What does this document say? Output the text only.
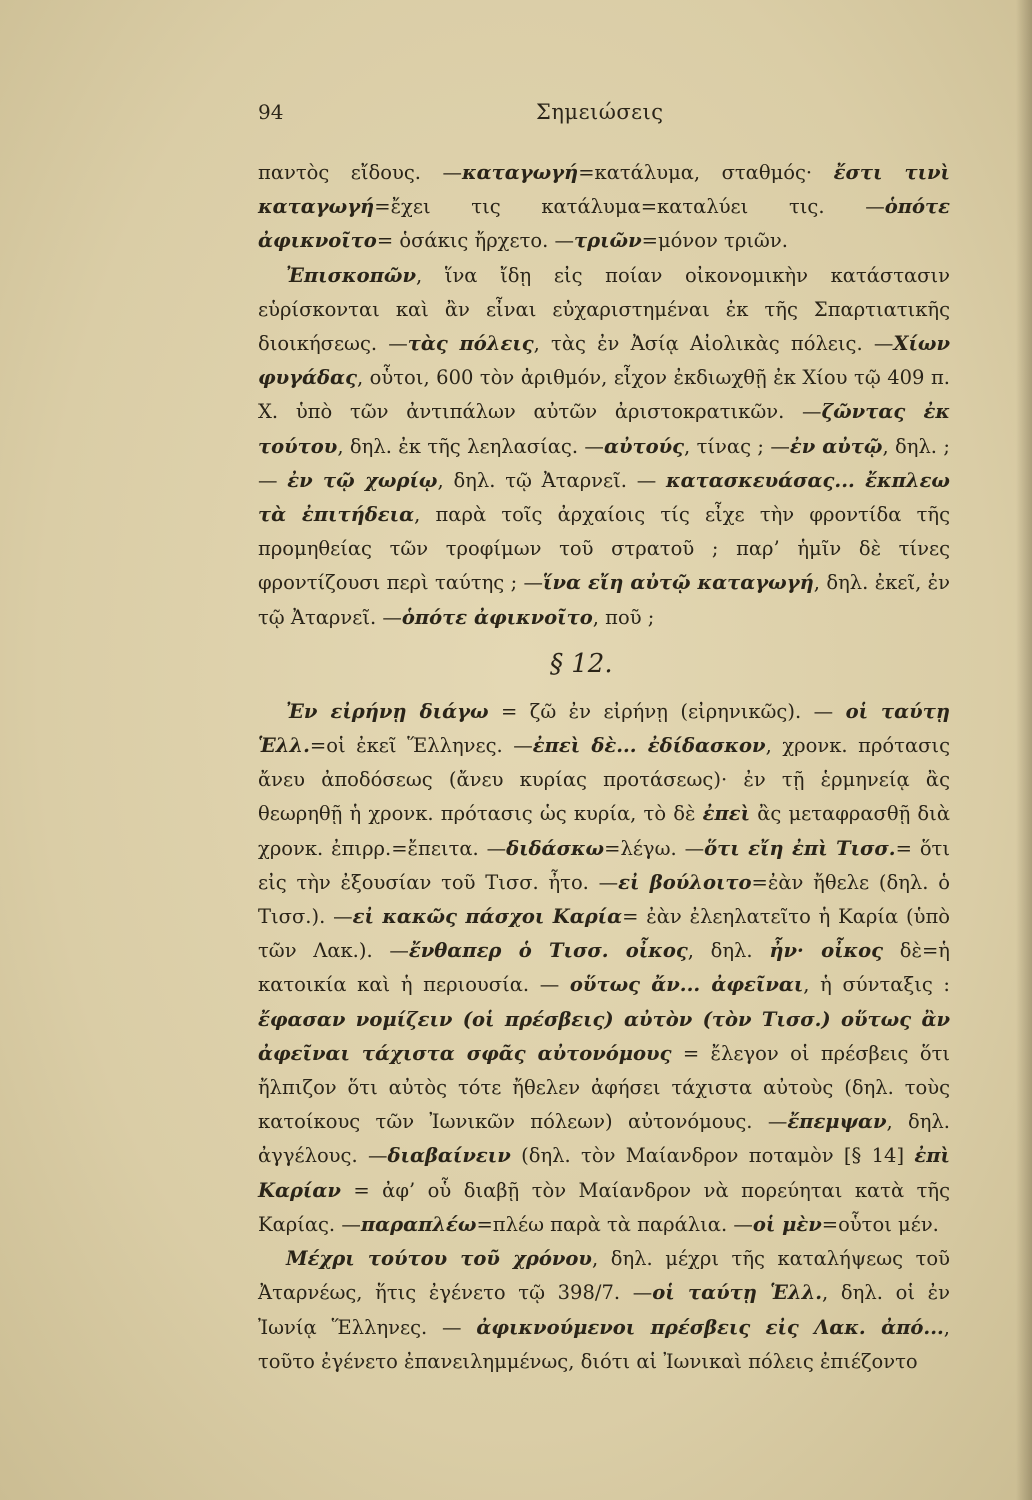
94	Σημειώσεις

παντὸς εἴδους. —καταγωγή=κατάλυμα, σταθμός· ἔστι τινὶ καταγωγή=ἔχει τις κατάλυμα=καταλύει τις. —ὁπότε ἀφικνοῖτο= ὁσάκις ἤρχετο. —τριῶν=μόνον τριῶν.

Ἐπισκοπῶν, ἵνα ἴδῃ εἰς ποίαν οἰκονομικὴν κατάστασιν εὑρίσκονται καὶ ἂν εἶναι εὐχαριστημέναι ἐκ τῆς Σπαρτιατικῆς διοικήσεως. —τὰς πόλεις, τὰς ἐν Ἀσίᾳ Αἰολικὰς πόλεις. —Χίων φυγάδας, οὗτοι, 600 τὸν ἀριθμόν, εἶχον ἐκδιωχθῇ ἐκ Χίου τῷ 409 π. Χ. ὑπὸ τῶν ἀντιπάλων αὐτῶν ἀριστοκρατικῶν. —ζῶντας ἐκ τούτου, δηλ. ἐκ τῆς λεηλασίας. —αὐτούς, τίνας ; —ἐν αὐτῷ, δηλ. ; — ἐν τῷ χωρίῳ, δηλ. τῷ Ἀταρνεῖ. — κατασκευάσας... ἔκπλεω τὰ ἐπιτήδεια, παρὰ τοῖς ἀρχαίοις τίς εἶχε τὴν φροντίδα τῆς προμηθείας τῶν τροφίμων τοῦ στρατοῦ ; παρ’ ἡμῖν δὲ τίνες φροντίζουσι περὶ ταύτης ; —ἵνα εἴη αὐτῷ καταγωγή, δηλ. ἐκεῖ, ἐν τῷ Ἀταρνεῖ. —ὁπότε ἀφικνοῖτο, ποῦ ;

§ 12.

Ἐν εἰρήνῃ διάγω = ζῶ ἐν εἰρήνῃ (εἰρηνικῶς). — οἱ ταύτῃ Ἑλλ.=οἱ ἐκεῖ Ἕλληνες. —ἐπεὶ δὲ... ἐδίδασκον, χρονκ. πρότασις ἄνευ ἀποδόσεως (ἄνευ κυρίας προτάσεως)· ἐν τῇ ἑρμηνείᾳ ἂς θεωρηθῇ ἡ χρονκ. πρότασις ὡς κυρία, τὸ δὲ ἐπεὶ ἂς μεταφρασθῇ διὰ χρονκ. ἐπιρρ.=ἔπειτα. —διδάσκω=λέγω. —ὅτι εἴη ἐπὶ Τισσ.= ὅτι εἰς τὴν ἐξουσίαν τοῦ Τισσ. ἦτο. —εἰ βούλοιτο=ἐὰν ἤθελε (δηλ. ὁ Τισσ.). —εἰ κακῶς πάσχοι Καρία= ἐὰν ἐλεηλατεῖτο ἡ Καρία (ὑπὸ τῶν Λακ.). —ἔνθαπερ ὁ Τισσ. οἶκος, δηλ. ἦν· οἶκος δὲ=ἡ κατοικία καὶ ἡ περιουσία. — οὕτως ἄν... ἀφεῖναι, ἡ σύνταξις : ἔφασαν νομίζειν (οἱ πρέσβεις) αὐτὸν (τὸν Τισσ.) οὕτως ἂν ἀφεῖναι τάχιστα σφᾶς αὐτονόμους = ἔλεγον οἱ πρέσβεις ὅτι ἤλπιζον ὅτι αὐτὸς τότε ἤθελεν ἀφήσει τάχιστα αὐτοὺς (δηλ. τοὺς κατοίκους τῶν Ἰωνικῶν πόλεων) αὐτονόμους. —ἔπεμψαν, δηλ. ἀγγέλους. —διαβαίνειν (δηλ. τὸν Μαίανδρον ποταμὸν [§ 14] ἐπὶ Καρίαν = ἀφ’ οὗ διαβῇ τὸν Μαίανδρον νὰ πορεύηται κατὰ τῆς Καρίας. —παραπλέω=πλέω παρὰ τὰ παράλια. —οἱ μὲν=οὗτοι μέν.

Μέχρι τούτου τοῦ χρόνου, δηλ. μέχρι τῆς καταλήψεως τοῦ Ἀταρνέως, ἥτις ἐγένετο τῷ 398/7. —οἱ ταύτῃ Ἑλλ., δηλ. οἱ ἐν Ἰωνίᾳ Ἕλληνες. — ἀφικνούμενοι πρέσβεις εἰς Λακ. ἀπό..., τοῦτο ἐγένετο ἐπανειλημμένως, διότι αἱ Ἰωνικαὶ πόλεις ἐπιέζοντο
